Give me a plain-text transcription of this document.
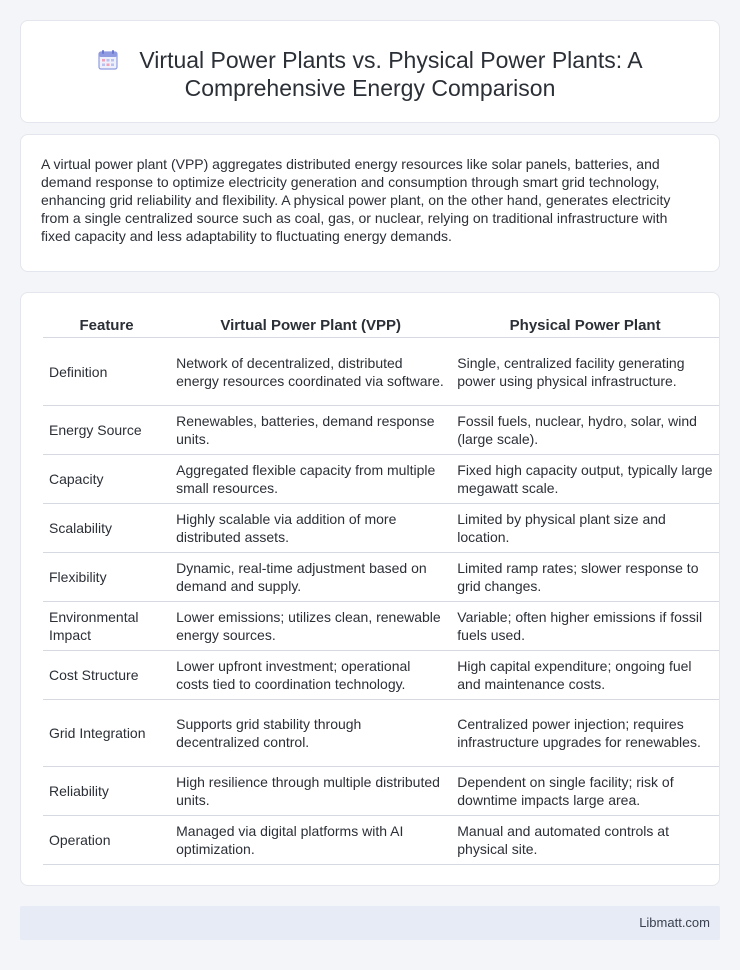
Virtual Power Plants vs. Physical Power Plants: A Comprehensive Energy Comparison

A virtual power plant (VPP) aggregates distributed energy resources like solar panels, batteries, and demand response to optimize electricity generation and consumption through smart grid technology, enhancing grid reliability and flexibility. A physical power plant, on the other hand, generates electricity from a single centralized source such as coal, gas, or nuclear, relying on traditional infrastructure with fixed capacity and less adaptability to fluctuating energy demands.

Feature	Virtual Power Plant (VPP)	Physical Power Plant
Definition	Network of decentralized, distributed energy resources coordinated via software.	Single, centralized facility generating power using physical infrastructure.
Energy Source	Renewables, batteries, demand response units.	Fossil fuels, nuclear, hydro, solar, wind (large scale).
Capacity	Aggregated flexible capacity from multiple small resources.	Fixed high capacity output, typically large megawatt scale.
Scalability	Highly scalable via addition of more distributed assets.	Limited by physical plant size and location.
Flexibility	Dynamic, real-time adjustment based on demand and supply.	Limited ramp rates; slower response to grid changes.
Environmental Impact	Lower emissions; utilizes clean, renewable energy sources.	Variable; often higher emissions if fossil fuels used.
Cost Structure	Lower upfront investment; operational costs tied to coordination technology.	High capital expenditure; ongoing fuel and maintenance costs.
Grid Integration	Supports grid stability through decentralized control.	Centralized power injection; requires infrastructure upgrades for renewables.
Reliability	High resilience through multiple distributed units.	Dependent on single facility; risk of downtime impacts large area.
Operation	Managed via digital platforms with AI optimization.	Manual and automated controls at physical site.
Libmatt.com
